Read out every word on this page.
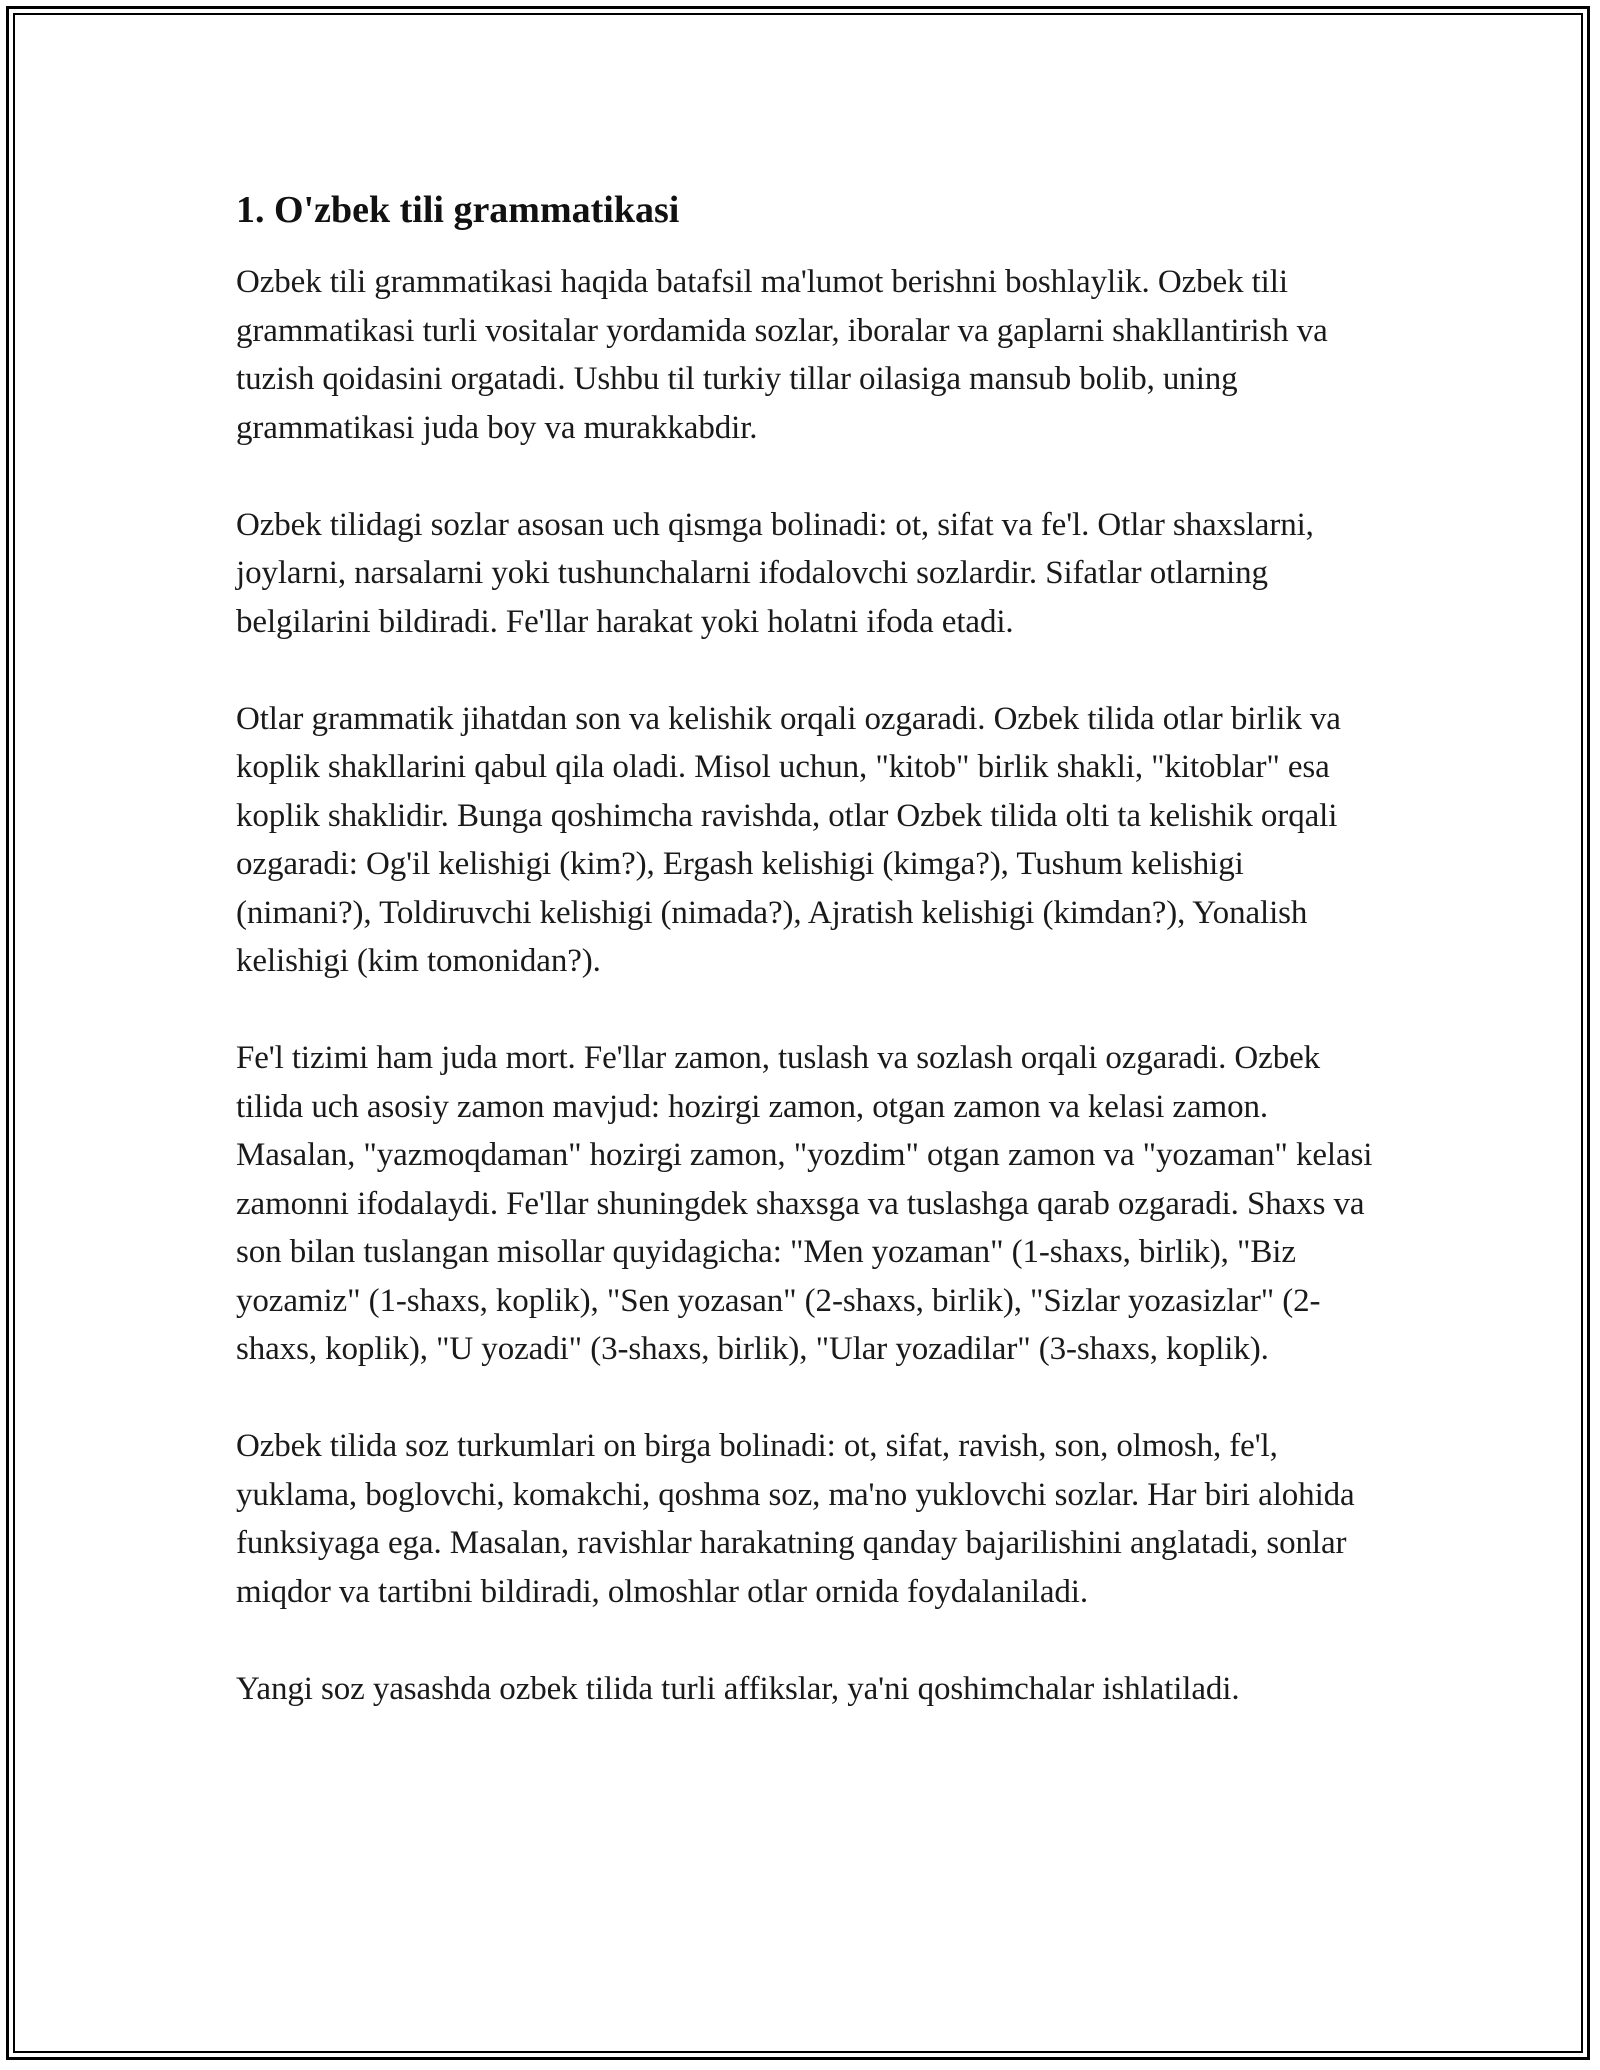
1. O'zbek tili grammatikasi

Ozbek tili grammatikasi haqida batafsil ma'lumot berishni boshlaylik. Ozbek tili grammatikasi turli vositalar yordamida sozlar, iboralar va gaplarni shakllantirish va tuzish qoidasini orgatadi. Ushbu til turkiy tillar oilasiga mansub bolib, uning grammatikasi juda boy va murakkabdir.

Ozbek tilidagi sozlar asosan uch qismga bolinadi: ot, sifat va fe'l. Otlar shaxslarni, joylarni, narsalarni yoki tushunchalarni ifodalovchi sozlardir. Sifatlar otlarning belgilarini bildiradi. Fe'llar harakat yoki holatni ifoda etadi.

Otlar grammatik jihatdan son va kelishik orqali ozgaradi. Ozbek tilida otlar birlik va koplik shakllarini qabul qila oladi. Misol uchun, "kitob" birlik shakli, "kitoblar" esa koplik shaklidir. Bunga qoshimcha ravishda, otlar Ozbek tilida olti ta kelishik orqali ozgaradi: Og'il kelishigi (kim?), Ergash kelishigi (kimga?), Tushum kelishigi (nimani?), Toldiruvchi kelishigi (nimada?), Ajratish kelishigi (kimdan?), Yonalish kelishigi (kim tomonidan?).

Fe'l tizimi ham juda mort. Fe'llar zamon, tuslash va sozlash orqali ozgaradi. Ozbek tilida uch asosiy zamon mavjud: hozirgi zamon, otgan zamon va kelasi zamon. Masalan, "yazmoqdaman" hozirgi zamon, "yozdim" otgan zamon va "yozaman" kelasi zamonni ifodalaydi. Fe'llar shuningdek shaxsga va tuslashga qarab ozgaradi. Shaxs va son bilan tuslangan misollar quyidagicha: "Men yozaman" (1-shaxs, birlik), "Biz yozamiz" (1-shaxs, koplik), "Sen yozasan" (2-shaxs, birlik), "Sizlar yozasizlar" (2-shaxs, koplik), "U yozadi" (3-shaxs, birlik), "Ular yozadilar" (3-shaxs, koplik).

Ozbek tilida soz turkumlari on birga bolinadi: ot, sifat, ravish, son, olmosh, fe'l, yuklama, boglovchi, komakchi, qoshma soz, ma'no yuklovchi sozlar. Har biri alohida funksiyaga ega. Masalan, ravishlar harakatning qanday bajarilishini anglatadi, sonlar miqdor va tartibni bildiradi, olmoshlar otlar ornida foydalaniladi.

Yangi soz yasashda ozbek tilida turli affikslar, ya'ni qoshimchalar ishlatiladi.
